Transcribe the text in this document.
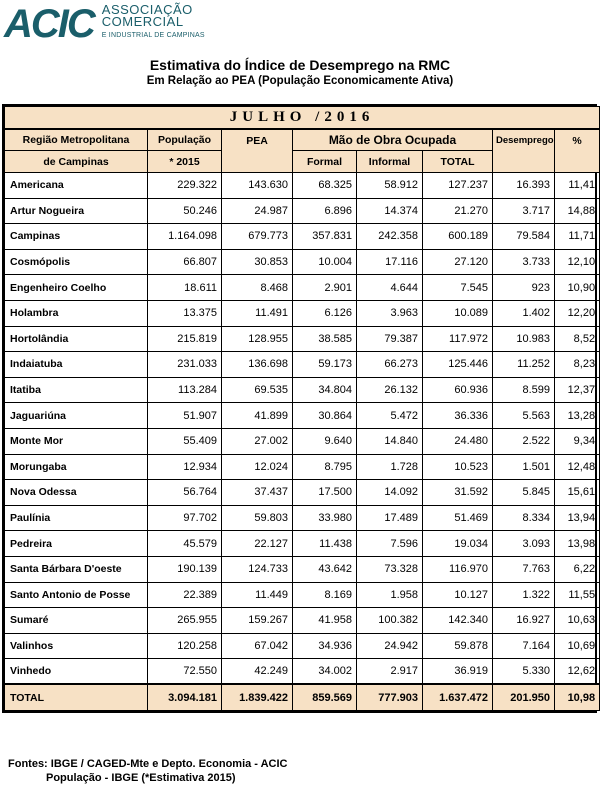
ACIC ASSOCIAÇÃO
COMERCIAL
E INDUSTRIAL DE CAMPINAS
Estimativa do Índice de Desemprego na RMC
Em Relação ao PEA (População Economicamente Ativa)
JULHO /2016							
Região Metropolitana	População	PEA	Mão de Obra Ocupada			Desemprego	%
de Campinas	* 2015		Formal	Informal	TOTAL		
Americana	229.322	143.630	68.325	58.912	127.237	16.393	11,41
Artur Nogueira	50.246	24.987	6.896	14.374	21.270	3.717	14,88
Campinas	1.164.098	679.773	357.831	242.358	600.189	79.584	11,71
Cosmópolis	66.807	30.853	10.004	17.116	27.120	3.733	12,10
Engenheiro Coelho	18.611	8.468	2.901	4.644	7.545	923	10,90
Holambra	13.375	11.491	6.126	3.963	10.089	1.402	12,20
Hortolândia	215.819	128.955	38.585	79.387	117.972	10.983	8,52
Indaiatuba	231.033	136.698	59.173	66.273	125.446	11.252	8,23
Itatiba	113.284	69.535	34.804	26.132	60.936	8.599	12,37
Jaguariúna	51.907	41.899	30.864	5.472	36.336	5.563	13,28
Monte Mor	55.409	27.002	9.640	14.840	24.480	2.522	9,34
Morungaba	12.934	12.024	8.795	1.728	10.523	1.501	12,48
Nova Odessa	56.764	37.437	17.500	14.092	31.592	5.845	15,61
Paulínia	97.702	59.803	33.980	17.489	51.469	8.334	13,94
Pedreira	45.579	22.127	11.438	7.596	19.034	3.093	13,98
Santa Bárbara D'oeste	190.139	124.733	43.642	73.328	116.970	7.763	6,22
Santo Antonio de Posse	22.389	11.449	8.169	1.958	10.127	1.322	11,55
Sumaré	265.955	159.267	41.958	100.382	142.340	16.927	10,63
Valinhos	120.258	67.042	34.936	24.942	59.878	7.164	10,69
Vinhedo	72.550	42.249	34.002	2.917	36.919	5.330	12,62
TOTAL	3.094.181	1.839.422	859.569	777.903	1.637.472	201.950	10,98
Fontes: IBGE / CAGED-Mte e Depto. Economia - ACIC
População - IBGE (*Estimativa 2015)
